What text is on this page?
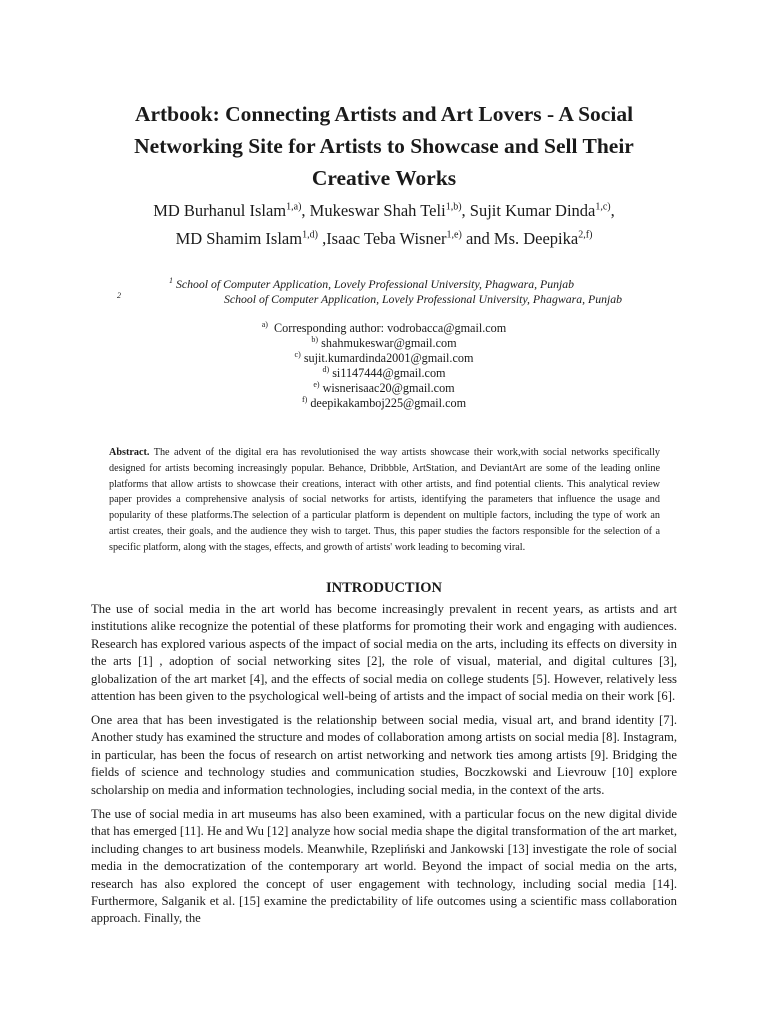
Artbook: Connecting Artists and Art Lovers - A Social
Networking Site for Artists to Showcase and Sell Their
Creative Works
MD Burhanul Islam$^{1,a)}$, Mukeswar Shah Teli$^{1,b)}$, Sujit Kumar Dinda$^{1,c)}$,
MD Shamim Islam$^{1,d)}$ ,Isaac Teba Wisner$^{1,e)}$ and Ms. Deepika$^{2,f)}$
$^1$ School of Computer Application, Lovely Professional University, Phagwara, Punjab
$^2$	School of Computer Application, Lovely Professional University, Phagwara, Punjab
$^{a)}$ Corresponding author: vodrobacca@gmail.com
$^{b)}$ shahmukeswar@gmail.com
$^{c)}$ sujit.kumardinda2001@gmail.com
$^{d)}$ si1147444@gmail.com
$^{e)}$ wisnerisaac20@gmail.com
$^{f)}$ deepikakamboj225@gmail.com
Abstract. The advent of the digital era has revolutionised the way artists showcase their work,with social networks specifically designed for artists becoming increasingly popular. Behance, Dribbble, ArtStation, and DeviantArt are some of the leading online platforms that allow artists to showcase their creations, interact with other artists, and find potential clients. This analytical review paper provides a comprehensive analysis of social networks for artists, identifying the parameters that influence the usage and popularity of these platforms.The selection of a particular platform is dependent on multiple factors, including the type of work an artist creates, their goals, and the audience they wish to target. Thus, this paper studies the factors responsible for the selection of a specific platform, along with the stages, effects, and growth of artists' work leading to becoming viral.
INTRODUCTION

The use of social media in the art world has become increasingly prevalent in recent years, as artists and art institutions alike recognize the potential of these platforms for promoting their work and engaging with audiences. Research has explored various aspects of the impact of social media on the arts, including its effects on diversity in the arts [1] , adoption of social networking sites [2], the role of visual, material, and digital cultures [3], globalization of the art market [4], and the effects of social media on college students [5]. However, relatively less attention has been given to the psychological well-being of artists and the impact of social media on their work [6].

One area that has been investigated is the relationship between social media, visual art, and brand identity [7]. Another study has examined the structure and modes of collaboration among artists on social media [8]. Instagram, in particular, has been the focus of research on artist networking and network ties among artists [9]. Bridging the fields of science and technology studies and communication studies, Boczkowski and Lievrouw [10] explore scholarship on media and information technologies, including social media, in the context of the arts.

The use of social media in art museums has also been examined, with a particular focus on the new digital divide that has emerged [11]. He and Wu [12] analyze how social media shape the digital transformation of the art market, including changes to art business models. Meanwhile, Rzepliński and Jankowski [13] investigate the role of social media in the democratization of the contemporary art world. Beyond the impact of social media on the arts, research has also explored the concept of user engagement with technology, including social media [14]. Furthermore, Salganik et al. [15] examine the predictability of life outcomes using a scientific mass collaboration approach. Finally, the
